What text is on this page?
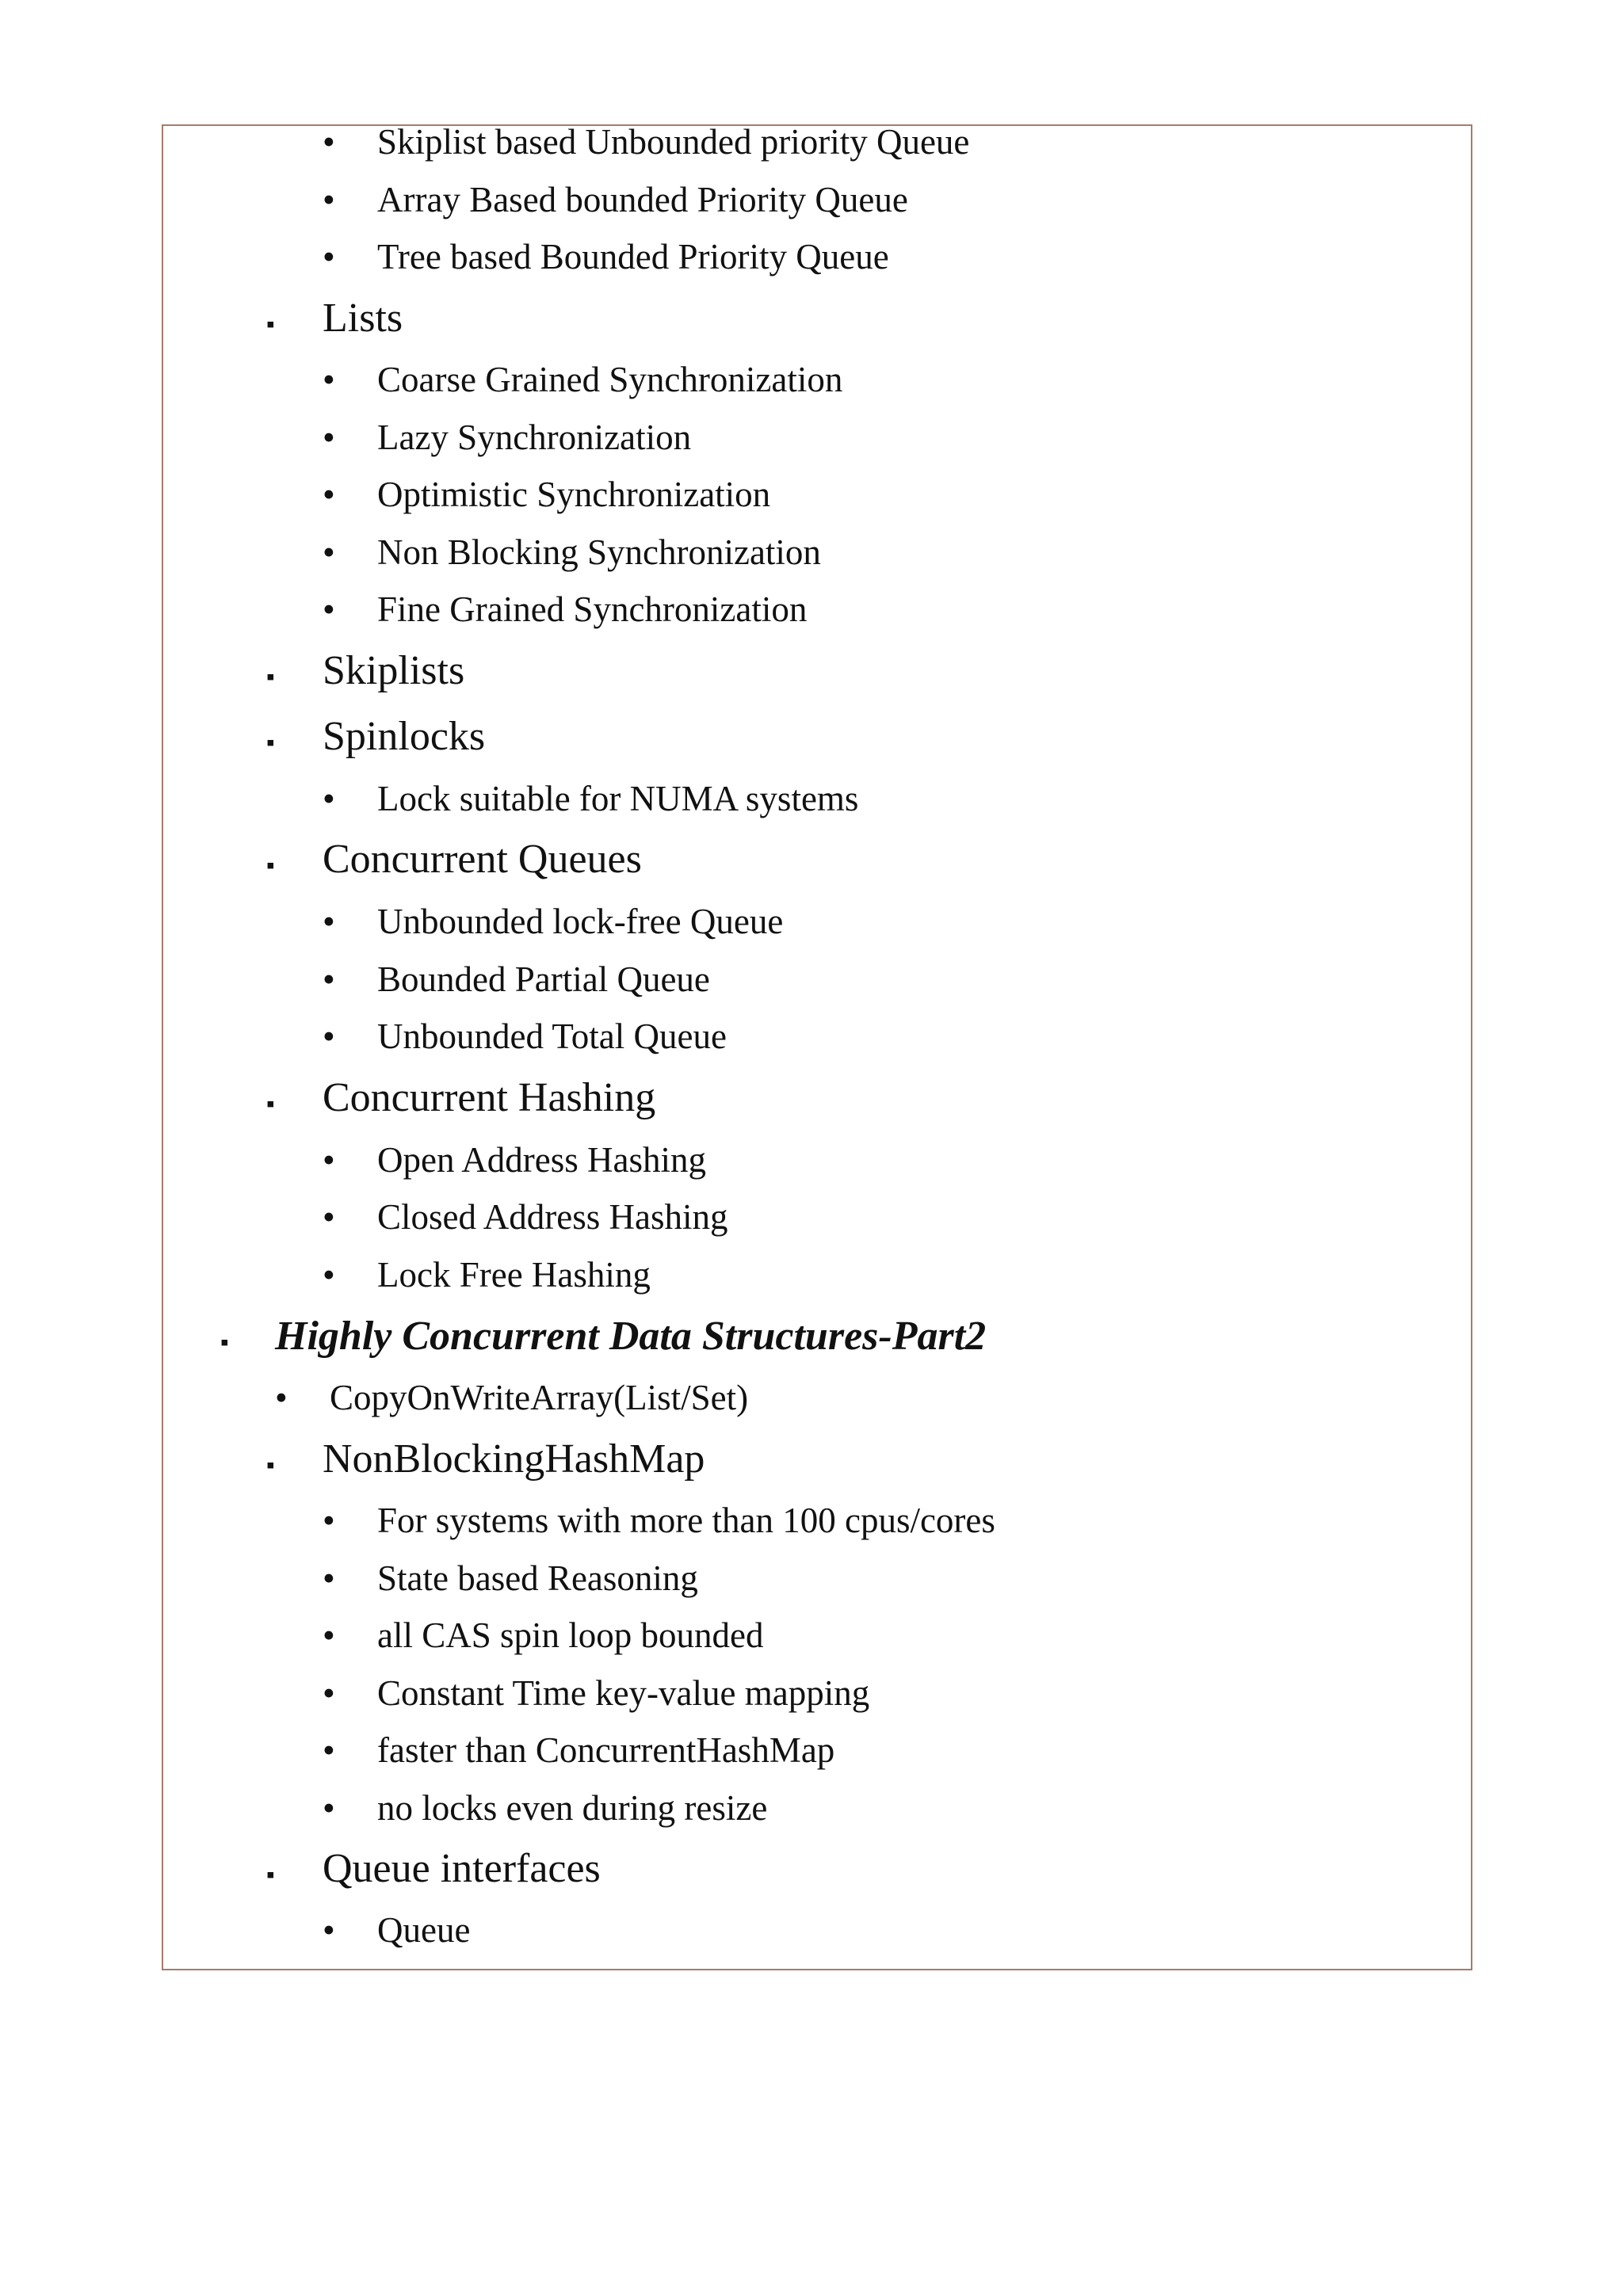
• Skiplist based Unbounded priority Queue
• Array Based bounded Priority Queue
• Tree based Bounded Priority Queue
▪ Lists
• Coarse Grained Synchronization
• Lazy Synchronization
• Optimistic Synchronization
• Non Blocking Synchronization
• Fine Grained Synchronization
▪ Skiplists
▪ Spinlocks
• Lock suitable for NUMA systems
▪ Concurrent Queues
• Unbounded lock-free Queue
• Bounded Partial Queue
• Unbounded Total Queue
▪ Concurrent Hashing
• Open Address Hashing
• Closed Address Hashing
• Lock Free Hashing
▪ Highly Concurrent Data Structures-Part2
• CopyOnWriteArray(List/Set)
▪ NonBlockingHashMap
• For systems with more than 100 cpus/cores
• State based Reasoning
• all CAS spin loop bounded
• Constant Time key-value mapping
• faster than ConcurrentHashMap
• no locks even during resize
▪ Queue interfaces
• Queue
